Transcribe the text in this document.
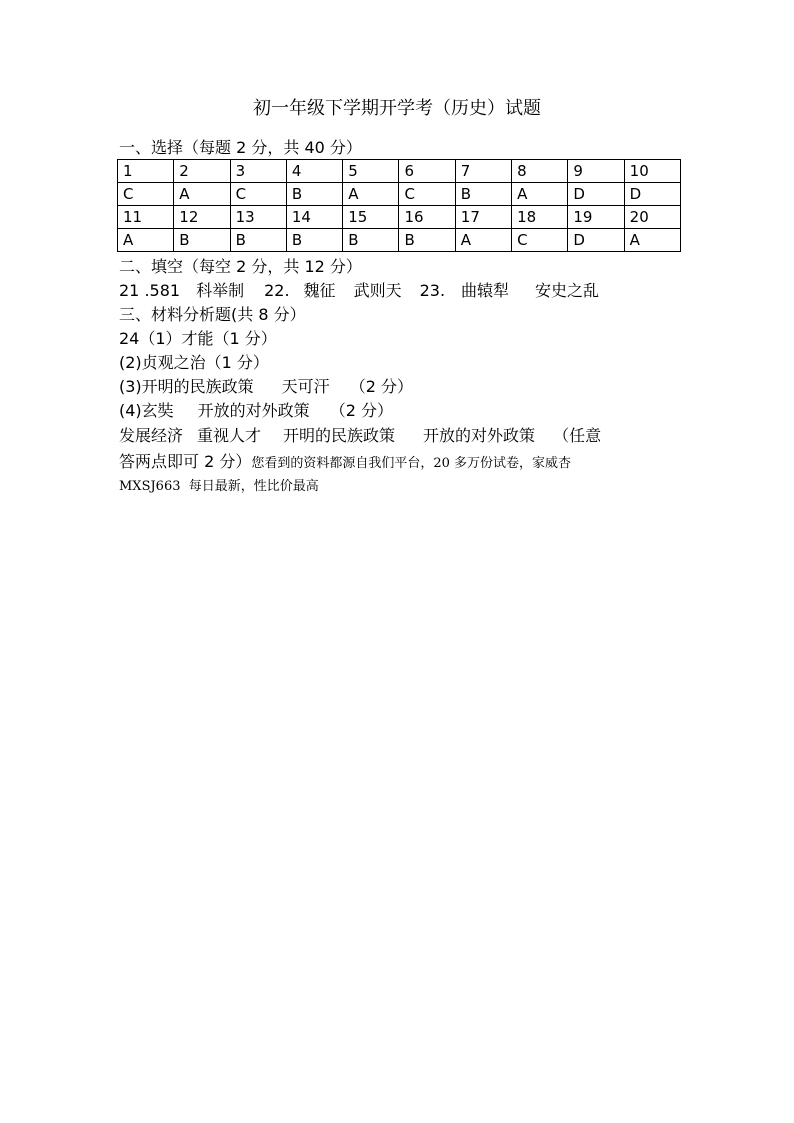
初一年级下学期开学考（历史）试题
一、选择（每题 2 分，共 40 分）
1	2	3	4	5	6	7	8	9	10
C	A	C	B	A	C	B	A	D	D
11	12	13	14	15	16	17	18	19	20
A	B	B	B	B	B	A	C	D	A
二、填空（每空 2 分，共 12 分）
21 .581 科举制 22. 魏征 武则天 23. 曲辕犁 安史之乱
三、材料分析题(共 8 分）
24（1）才能（1 分）
(2)贞观之治（1 分）
(3)开明的民族政策 天可汗 （2 分）
(4)玄奘 开放的对外政策 （2 分）
发展经济 重视人才 开明的民族政策 开放的对外政策 （任意
答两点即可 2 分）您看到的资料都源自我们平台，20 多万份试卷，家威杏
MXSJ663  每日最新，性比价最高
